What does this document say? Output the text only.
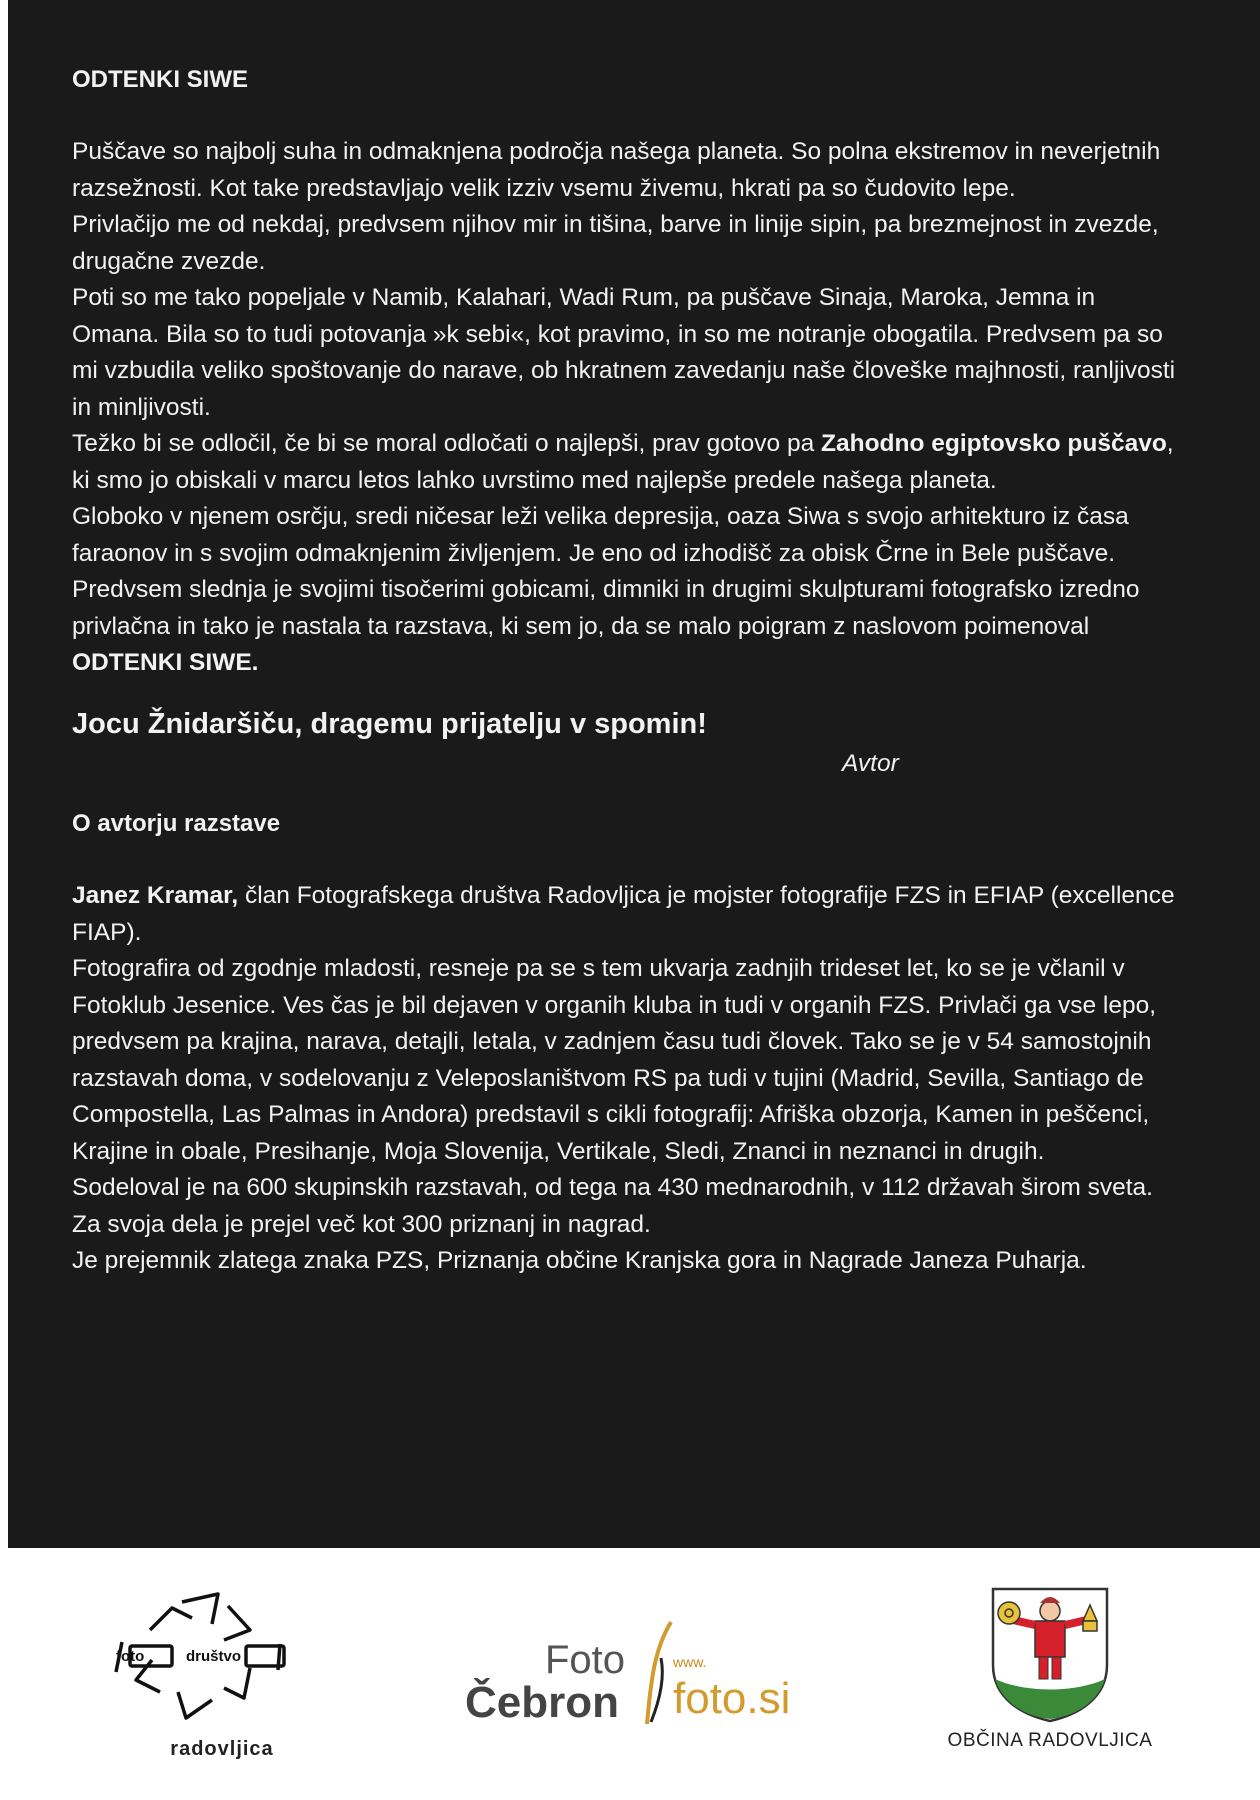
ODTENKI SIWE

Puščave so najbolj suha in odmaknjena področja našega planeta. So polna ekstremov in neverjetnih razsežnosti. Kot take predstavljajo velik izziv vsemu živemu, hkrati pa so čudovito lepe.

Privlačijo me od nekdaj, predvsem njihov mir in tišina, barve in linije sipin, pa brezmejnost in zvezde, drugačne zvezde.

Poti so me tako popeljale v Namib, Kalahari, Wadi Rum, pa puščave Sinaja, Maroka, Jemna in Omana. Bila so to tudi potovanja »k sebi«, kot pravimo, in so me notranje obogatila. Predvsem pa so mi vzbudila veliko spoštovanje do narave, ob hkratnem zavedanju naše človeške majhnosti, ranljivosti in minljivosti.

Težko bi se odločil, če bi se moral odločati o najlepši, prav gotovo pa Zahodno egiptovsko puščavo, ki smo jo obiskali v marcu letos lahko uvrstimo med najlepše predele našega planeta.

Globoko v njenem osrčju, sredi ničesar leži velika depresija, oaza Siwa s svojo arhitekturo iz časa faraonov in s svojim odmaknjenim življenjem. Je eno od izhodišč za obisk Črne in Bele puščave. Predvsem slednja je svojimi tisočerimi gobicami, dimniki in drugimi skulpturami fotografsko izredno privlačna in tako je nastala ta razstava, ki sem jo, da se malo poigram z naslovom poimenoval ODTENKI SIWE.

Jocu Žnidaršiču, dragemu prijatelju v spomin!
Avtor
O avtorju razstave

Janez Kramar, član Fotografskega društva Radovljica je mojster fotografije FZS in EFIAP (excellence FIAP).

Fotografira od zgodnje mladosti, resneje pa se s tem ukvarja zadnjih trideset let, ko se je včlanil v Fotoklub Jesenice. Ves čas je bil dejaven v organih kluba in tudi v organih FZS. Privlači ga vse lepo, predvsem pa krajina, narava, detajli, letala, v zadnjem času tudi človek. Tako se je v 54 samostojnih razstavah doma, v sodelovanju z Veleposlaništvom RS pa tudi v tujini (Madrid, Sevilla, Santiago de Compostella, Las Palmas in Andora) predstavil s cikli fotografij: Afriška obzorja, Kamen in peščenci, Krajine in obale, Presihanje, Moja Slovenija, Vertikale, Sledi, Znanci in neznanci in drugih.

Sodeloval je na 600 skupinskih razstavah, od tega na 430 mednarodnih, v 112 državah širom sveta. Za svoja dela je prejel več kot 300 priznanj in nagrad.

Je prejemnik zlatega znaka PZS, Priznanja občine Kranjska gora in Nagrade Janeza Puharja.

foto	društvo
radovljica
Foto
Čebron
www.
foto.si
OBČINA RADOVLJICA
